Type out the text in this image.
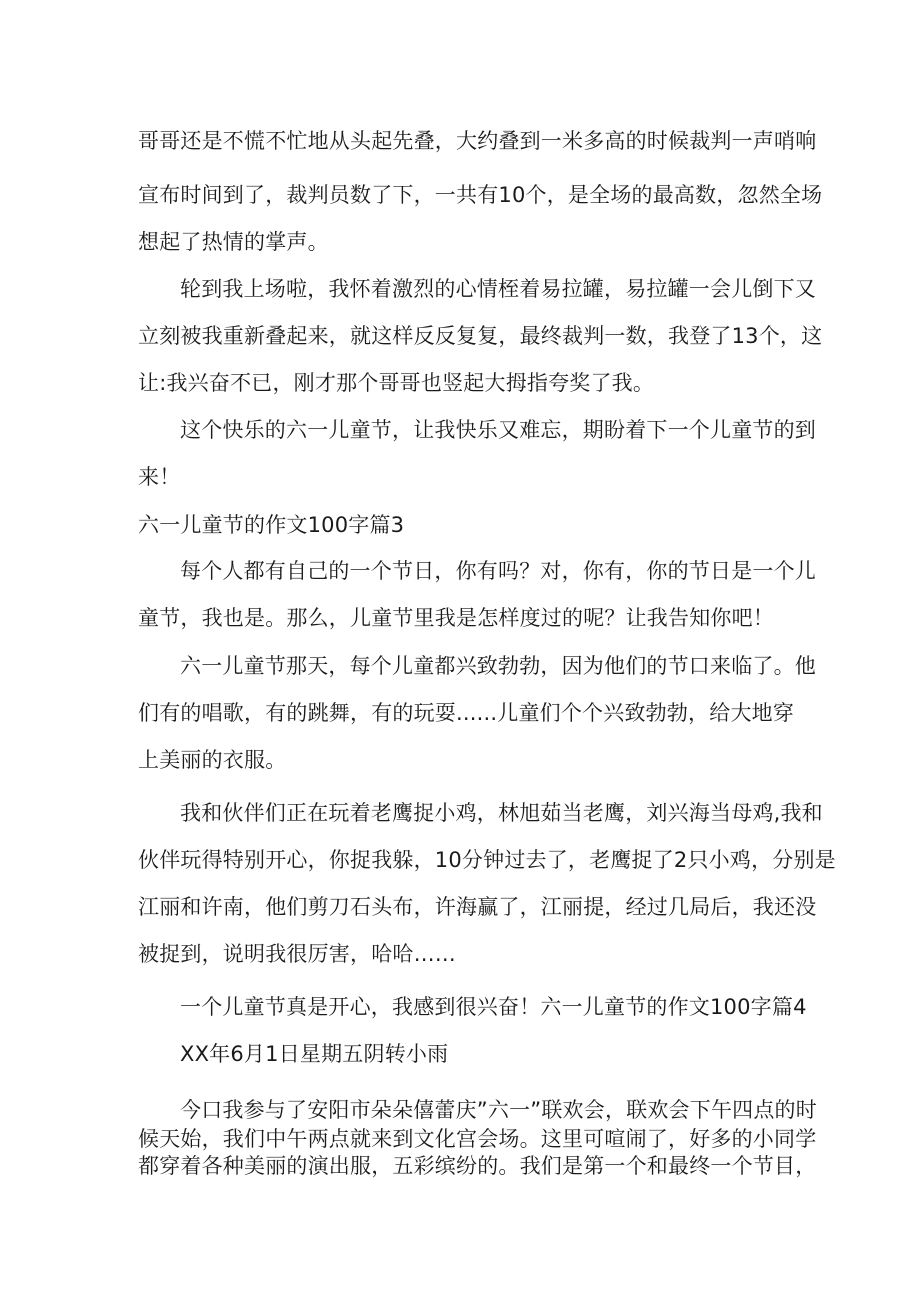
哥哥还是不慌不忙地从头起先叠，大约叠到一米多高的时候裁判一声哨响
宣布时间到了，裁判员数了下，一共有10个，是全场的最高数，忽然全场
想起了热情的掌声。
轮到我上场啦，我怀着激烈的心情桎着易拉罐，易拉罐一会儿倒下又
立刻被我重新叠起来，就这样反反复复，最终裁判一数，我登了13个，这
让:我兴奋不已，刚才那个哥哥也竖起大拇指夸奖了我。
这个快乐的六一儿童节，让我快乐又难忘，期盼着下一个儿童节的到
来！
六一儿童节的作文100字篇3
每个人都有自己的一个节日，你有吗？对，你有，你的节日是一个儿
童节，我也是。那么，儿童节里我是怎样度过的呢？让我告知你吧！
六一儿童节那天，每个儿童都兴致勃勃，因为他们的节口来临了。他
们有的唱歌，有的跳舞，有的玩耍......儿童们个个兴致勃勃，给大地穿
上美丽的衣服。
我和伙伴们正在玩着老鹰捉小鸡，林旭茹当老鹰，刘兴海当母鸡,我和
伙伴玩得特别开心，你捉我躲，10分钟过去了，老鹰捉了2只小鸡，分别是
江丽和许南，他们剪刀石头布，许海赢了，江丽提，经过几局后，我还没
被捉到，说明我很厉害，哈哈……
一个儿童节真是开心，我感到很兴奋！六一儿童节的作文100字篇4
XX年6月1日星期五阴转小雨
今口我参与了安阳市朵朵僖蕾庆”六一”联欢会，联欢会下午四点的时
候天始，我们中午两点就来到文化宫会场。这里可喧闹了，好多的小同学
都穿着各种美丽的演出服，五彩缤纷的。我们是第一个和最终一个节目，
